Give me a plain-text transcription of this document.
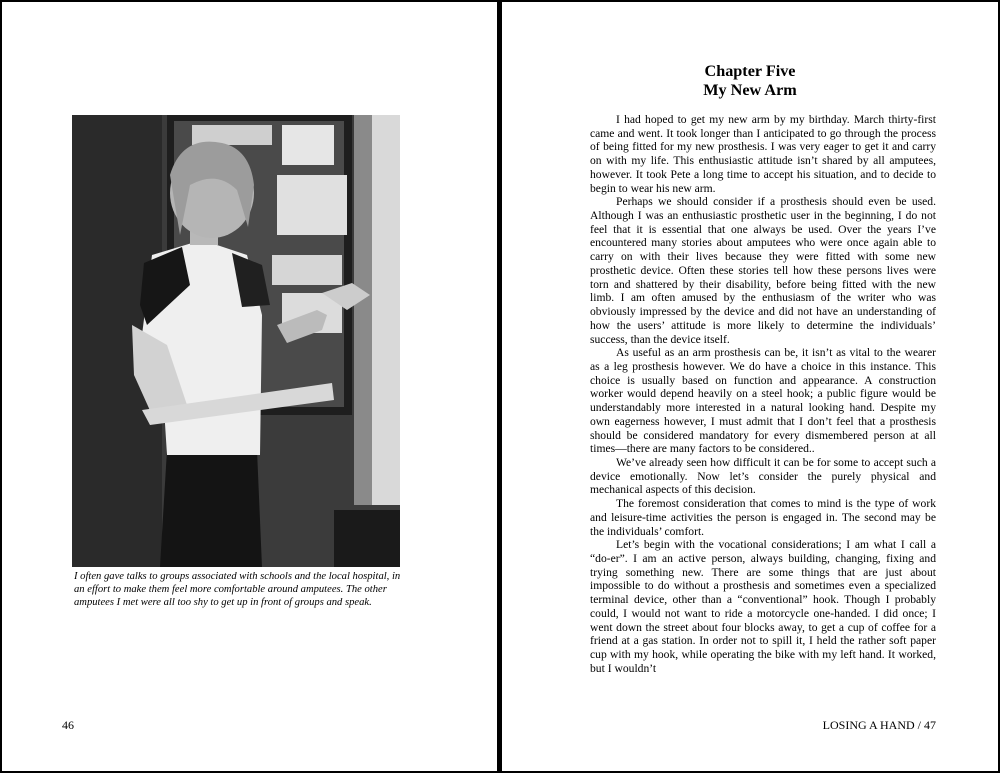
I often gave talks to groups associated with schools and the local hospital, in an effort to make them feel more comfortable around amputees. The other amputees I met were all too shy to get up in front of groups and speak.

46
Chapter Five
My New Arm

I had hoped to get my new arm by my birthday. March thirty-first came and went. It took longer than I anticipated to go through the process of being fitted for my new prosthesis. I was very eager to get it and carry on with my life. This enthusiastic attitude isn’t shared by all amputees, however. It took Pete a long time to accept his situation, and to decide to begin to wear his new arm.

Perhaps we should consider if a prosthesis should even be used. Although I was an enthusiastic prosthetic user in the beginning, I do not feel that it is essential that one always be used. Over the years I’ve encountered many stories about amputees who were once again able to carry on with their lives because they were fitted with some new prosthetic device. Often these stories tell how these persons lives were torn and shattered by their disability, before being fitted with the new limb. I am often amused by the enthusiasm of the writer who was obviously impressed by the device and did not have an understanding of how the users’ attitude is more likely to determine the individuals’ success, than the device itself.

As useful as an arm prosthesis can be, it isn’t as vital to the wearer as a leg prosthesis however. We do have a choice in this instance. This choice is usually based on function and appearance. A construction worker would depend heavily on a steel hook; a public figure would be understandably more interested in a natural looking hand. Despite my own eagerness however, I must admit that I don’t feel that a prosthesis should be considered mandatory for every dismembered person at all times—there are many factors to be considered..

We’ve already seen how difficult it can be for some to accept such a device emotionally. Now let’s consider the purely physical and mechanical aspects of this decision.

The foremost consideration that comes to mind is the type of work and leisure-time activities the person is engaged in. The second may be the individuals’ comfort.

Let’s begin with the vocational considerations; I am what I call a “do-er”. I am an active person, always building, changing, fixing and trying something new. There are some things that are just about impossible to do without a prosthesis and sometimes even a specialized terminal device, other than a “conventional” hook. Though I probably could, I would not want to ride a motorcycle one-handed. I did once; I went down the street about four blocks away, to get a cup of coffee for a friend at a gas station. In order not to spill it, I held the rather soft paper cup with my hook, while operating the bike with my left hand. It worked, but I wouldn’t

LOSING A HAND / 47
